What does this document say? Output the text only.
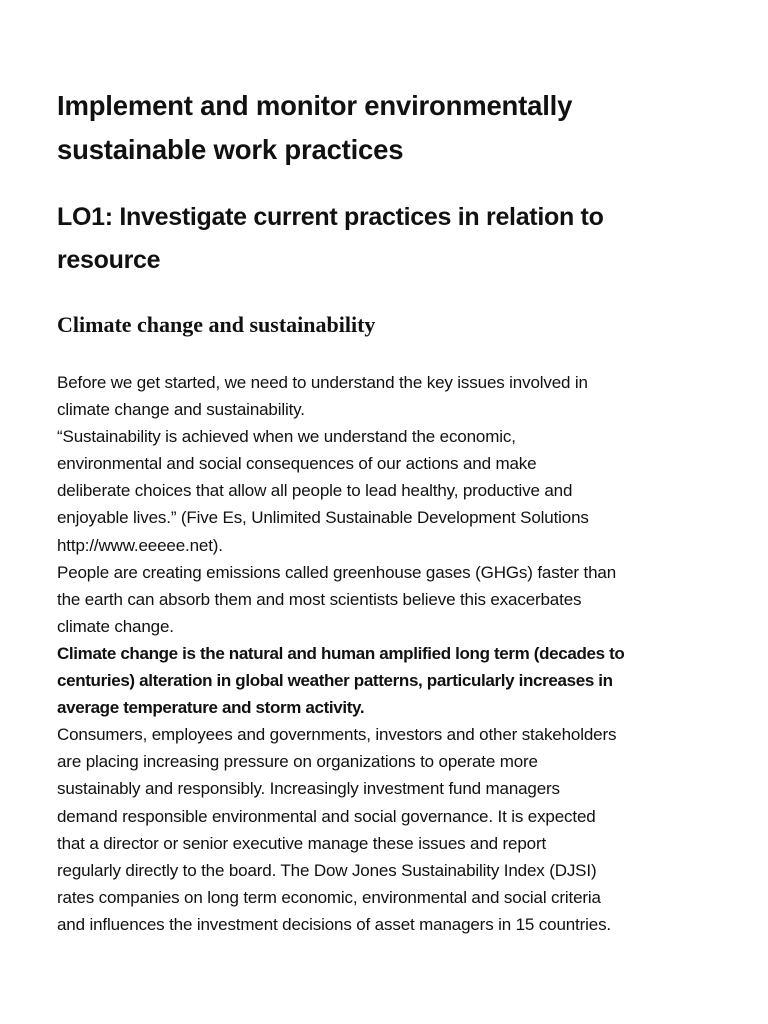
Implement and monitor environmentally
sustainable work practices
LO1: Investigate current practices in relation to
resource
Climate change and sustainability
Before we get started, we need to understand the key issues involved in
climate change and sustainability.
“Sustainability is achieved when we understand the economic,
environmental and social consequences of our actions and make
deliberate choices that allow all people to lead healthy, productive and
enjoyable lives.” (Five Es, Unlimited Sustainable Development Solutions
http://www.eeeee.net).
People are creating emissions called greenhouse gases (GHGs) faster than
the earth can absorb them and most scientists believe this exacerbates
climate change.
Climate change is the natural and human amplified long term (decades to
centuries) alteration in global weather patterns, particularly increases in
average temperature and storm activity.
Consumers, employees and governments, investors and other stakeholders
are placing increasing pressure on organizations to operate more
sustainably and responsibly. Increasingly investment fund managers
demand responsible environmental and social governance. It is expected
that a director or senior executive manage these issues and report
regularly directly to the board. The Dow Jones Sustainability Index (DJSI)
rates companies on long term economic, environmental and social criteria
and influences the investment decisions of asset managers in 15 countries.
